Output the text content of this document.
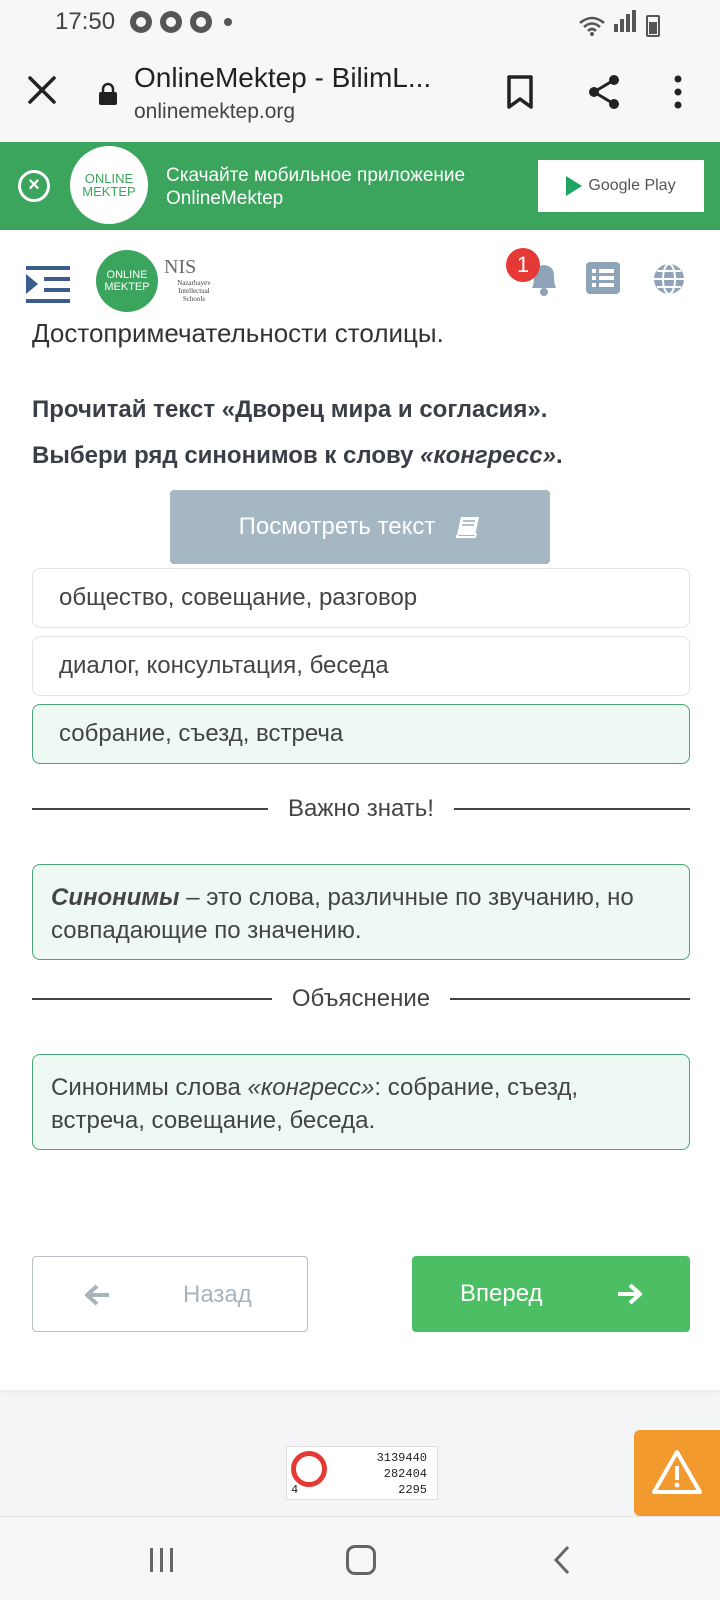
17:50
OnlineMektep - BilimL...
onlinemektep.org
×	ONLINE
MEKTEP
Скачайте мобильное приложение
OnlineMektep
Google Play
ONLINE
MEKTEP
NIS
Nazarbayev
Intellectual
Schools
1
Достопримечательности столицы.
Прочитай текст «Дворец мира и согласия».
Выбери ряд синонимов к слову «конгресс».
Посмотреть текст
общество, совещание, разговор
диалог, консультация, беседа
собрание, съезд, встреча
Важно знать!
Синонимы – это слова, различные по звучанию, но совпадающие по значению.
Объяснение
Синонимы слова «конгресс»: собрание, съезд, встреча, совещание, беседа.
Назад	Вперед
3139440
282404
2295
4
